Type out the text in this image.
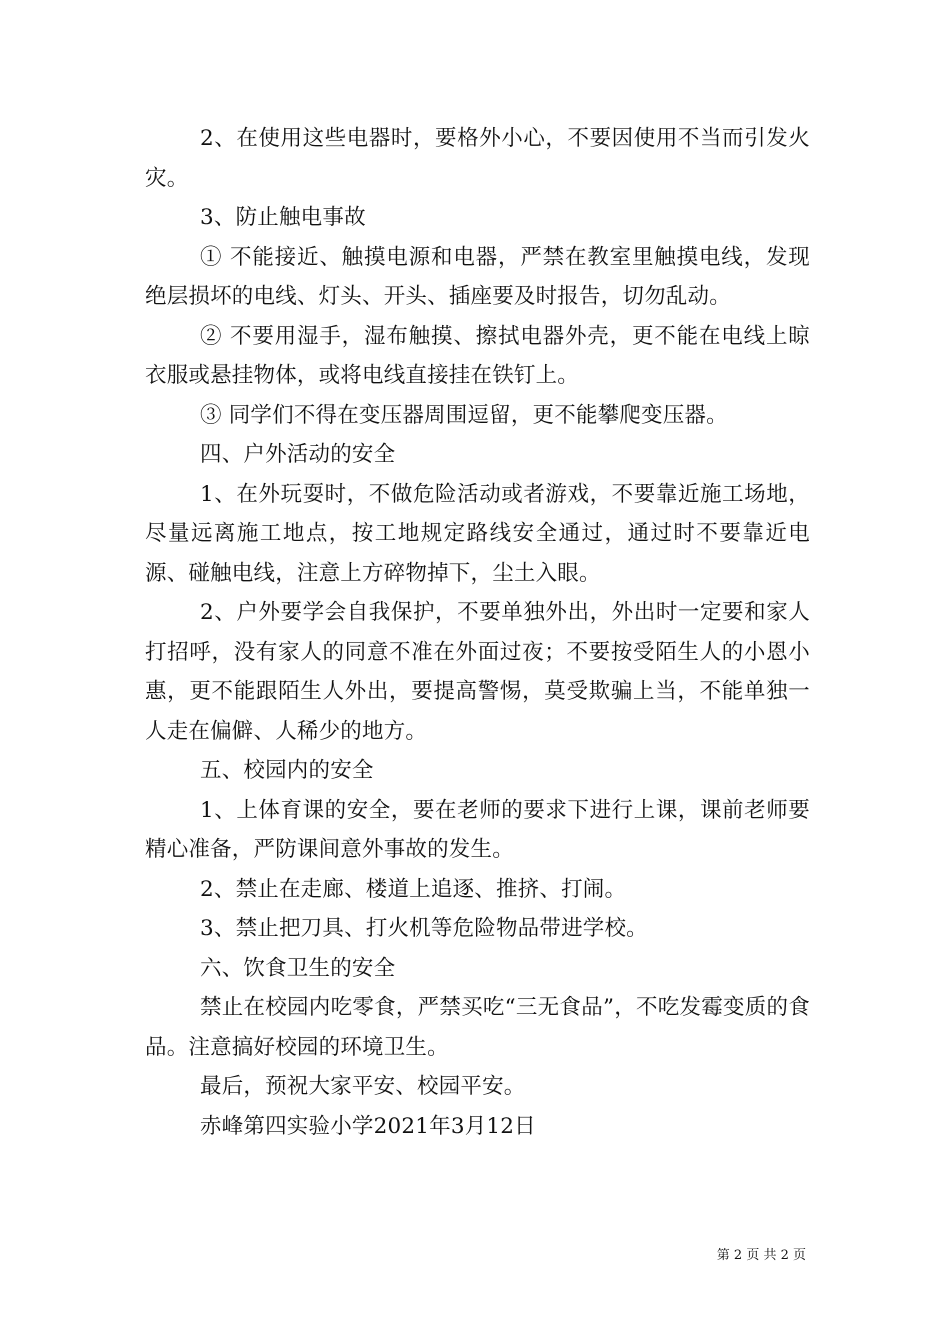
2、在使用这些电器时，要格外小心，不要因使用不当而引发火灾。

3、防止触电事故

① 不能接近、触摸电源和电器，严禁在教室里触摸电线，发现绝层损坏的电线、灯头、开头、插座要及时报告，切勿乱动。

② 不要用湿手，湿布触摸、擦拭电器外壳，更不能在电线上晾衣服或悬挂物体，或将电线直接挂在铁钉上。

③ 同学们不得在变压器周围逗留，更不能攀爬变压器。

四、户外活动的安全

1、在外玩耍时，不做危险活动或者游戏，不要靠近施工场地，尽量远离施工地点，按工地规定路线安全通过，通过时不要靠近电源、碰触电线，注意上方碎物掉下，尘土入眼。

2、户外要学会自我保护，不要单独外出，外出时一定要和家人打招呼，没有家人的同意不准在外面过夜；不要按受陌生人的小恩小惠，更不能跟陌生人外出，要提高警惕，莫受欺骗上当，不能单独一人走在偏僻、人稀少的地方。

五、校园内的安全

1、上体育课的安全，要在老师的要求下进行上课，课前老师要精心准备，严防课间意外事故的发生。

2、禁止在走廊、楼道上追逐、推挤、打闹。

3、禁止把刀具、打火机等危险物品带进学校。

六、饮食卫生的安全

禁止在校园内吃零食，严禁买吃“三无食品”，不吃发霉变质的食品。注意搞好校园的环境卫生。

最后，预祝大家平安、校园平安。

赤峰第四实验小学2021年3月12日

第 2 页 共 2 页
